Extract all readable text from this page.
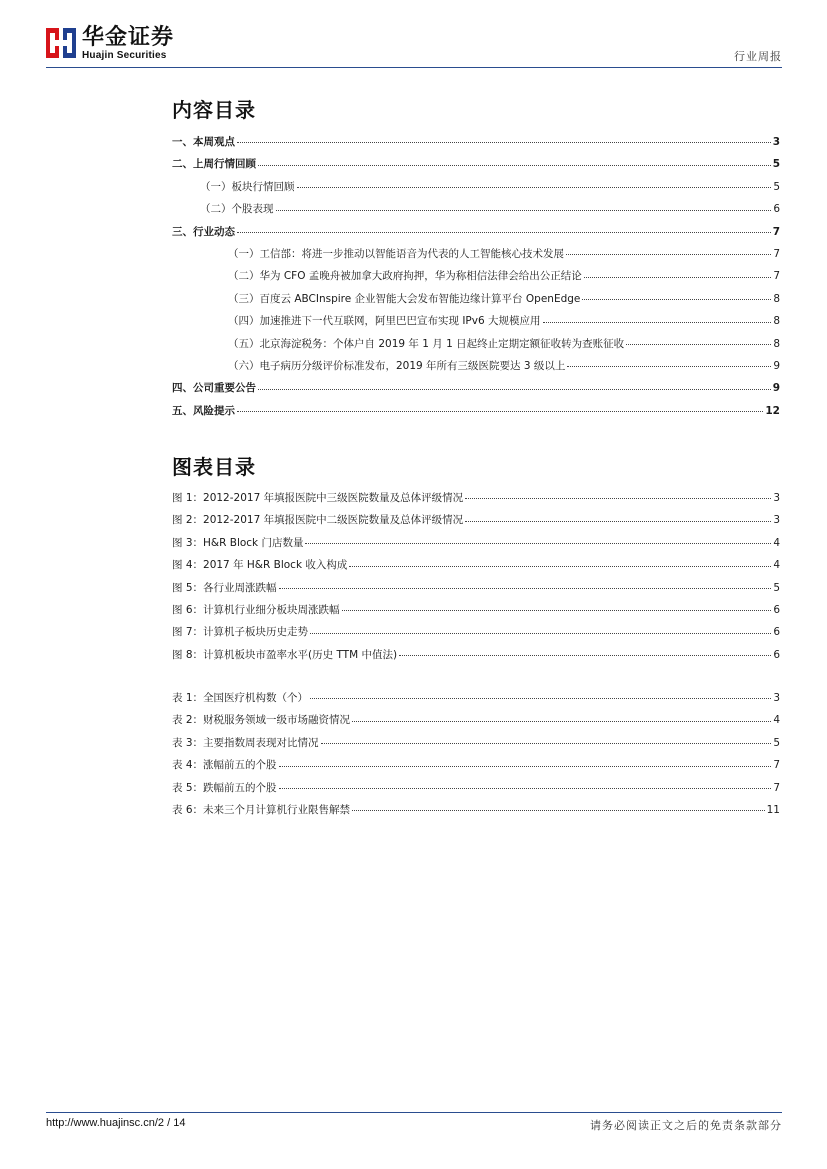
华金证券
Huajin Securities	行业周报
内容目录
一、本周观点	3
二、上周行情回顾	5
（一）板块行情回顾	5
（二）个股表现	6
三、行业动态	7
（一）工信部：将进一步推动以智能语音为代表的人工智能核心技术发展	7
（二）华为 CFO 孟晚舟被加拿大政府拘押，华为称相信法律会给出公正结论	7
（三）百度云 ABCInspire 企业智能大会发布智能边缘计算平台 OpenEdge	8
（四）加速推进下一代互联网，阿里巴巴宣布实现 IPv6 大规模应用	8
（五）北京海淀税务：个体户自 2019 年 1 月 1 日起终止定期定额征收转为查账征收	8
（六）电子病历分级评价标准发布，2019 年所有三级医院要达 3 级以上	9
四、公司重要公告	9
五、风险提示	12
图表目录
图 1：2012-2017 年填报医院中三级医院数量及总体评级情况	3
图 2：2012-2017 年填报医院中二级医院数量及总体评级情况	3
图 3：H&R Block 门店数量	4
图 4：2017 年 H&R Block 收入构成	4
图 5：各行业周涨跌幅	5
图 6：计算机行业细分板块周涨跌幅	6
图 7：计算机子板块历史走势	6
图 8：计算机板块市盈率水平(历史 TTM 中值法)	6
表 1：全国医疗机构数（个）	3
表 2：财税服务领域一级市场融资情况	4
表 3：主要指数周表现对比情况	5
表 4：涨幅前五的个股	7
表 5：跌幅前五的个股	7
表 6：未来三个月计算机行业限售解禁	11
http://www.huajinsc.cn/2 / 14	请务必阅读正文之后的免责条款部分
